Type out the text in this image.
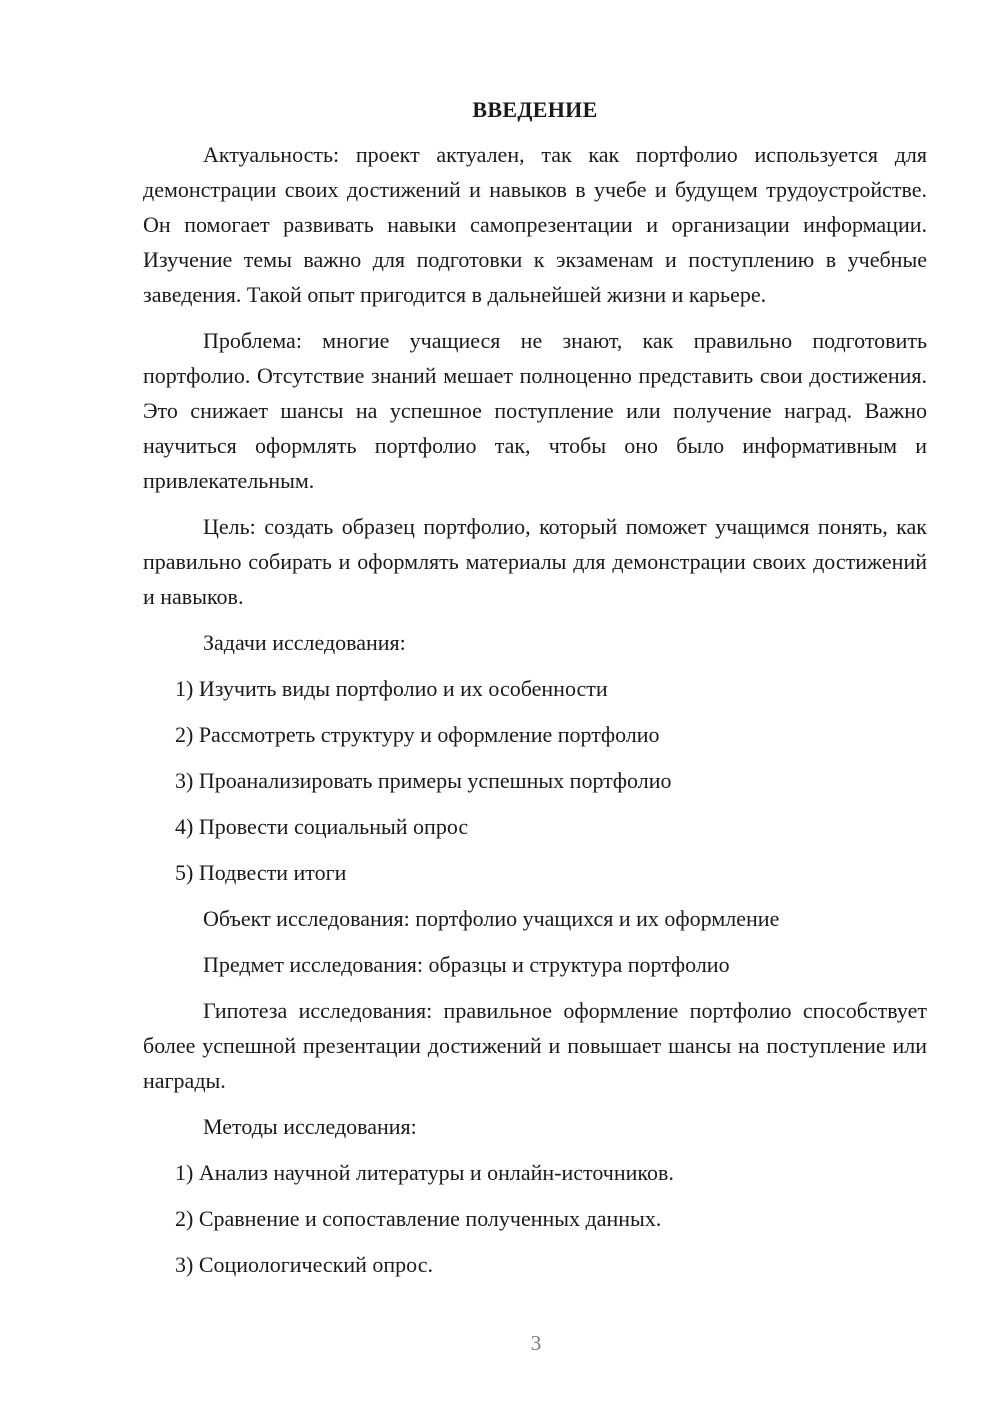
ВВЕДЕНИЕ

Актуальность: проект актуален, так как портфолио используется для демонстрации своих достижений и навыков в учебе и будущем трудоустройстве. Он помогает развивать навыки самопрезентации и организации информации. Изучение темы важно для подготовки к экзаменам и поступлению в учебные заведения. Такой опыт пригодится в дальнейшей жизни и карьере.

Проблема: многие учащиеся не знают, как правильно подготовить портфолио. Отсутствие знаний мешает полноценно представить свои достижения. Это снижает шансы на успешное поступление или получение наград. Важно научиться оформлять портфолио так, чтобы оно было информативным и привлекательным.

Цель: создать образец портфолио, который поможет учащимся понять, как правильно собирать и оформлять материалы для демонстрации своих достижений и навыков.

Задачи исследования:

1) Изучить виды портфолио и их особенности

2) Рассмотреть структуру и оформление портфолио

3) Проанализировать примеры успешных портфолио

4) Провести социальный опрос

5) Подвести итоги

Объект исследования: портфолио учащихся и их оформление

Предмет исследования: образцы и структура портфолио

Гипотеза исследования: правильное оформление портфолио способствует более успешной презентации достижений и повышает шансы на поступление или награды.

Методы исследования:

1) Анализ научной литературы и онлайн-источников.

2) Сравнение и сопоставление полученных данных.

3) Социологический опрос.

3
